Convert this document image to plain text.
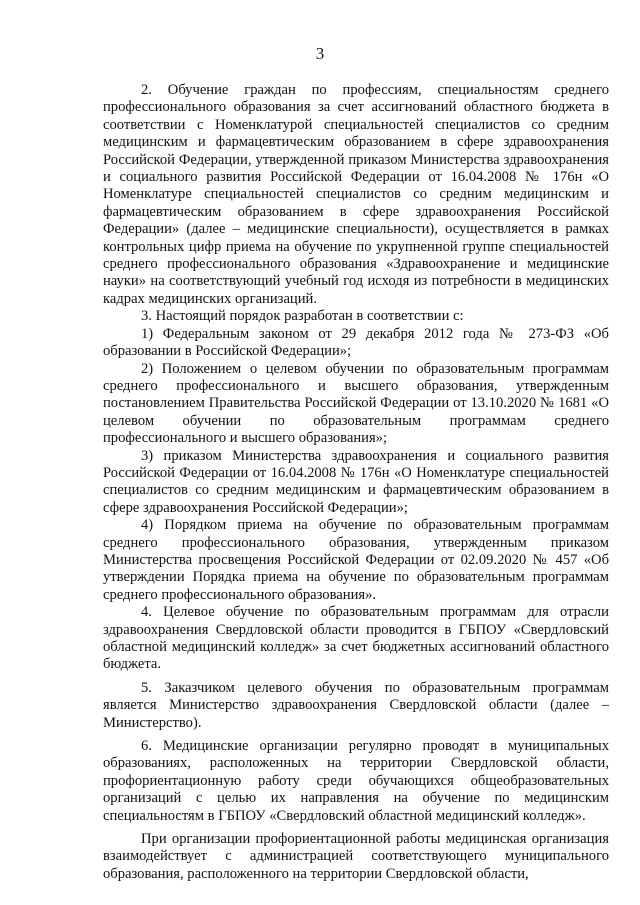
3

2. Обучение граждан по профессиям, специальностям среднего профессионального образования за счет ассигнований областного бюджета в соответствии с Номенклатурой специальностей специалистов со средним медицинским и фармацевтическим образованием в сфере здравоохранения Российской Федерации, утвержденной приказом Министерства здравоохранения и социального развития Российской Федерации от 16.04.2008 № 176н «О Номенклатуре специальностей специалистов со средним медицинским и фармацевтическим образованием в сфере здравоохранения Российской Федерации» (далее – медицинские специальности), осуществляется в рамках контрольных цифр приема на обучение по укрупненной группе специальностей среднего профессионального образования «Здравоохранение и медицинские науки» на соответствующий учебный год исходя из потребности в медицинских кадрах медицинских организаций.

3. Настоящий порядок разработан в соответствии с:

1) Федеральным законом от 29 декабря 2012 года № 273-ФЗ «Об образовании в Российской Федерации»;

2) Положением о целевом обучении по образовательным программам среднего профессионального и высшего образования, утвержденным постановлением Правительства Российской Федерации от 13.10.2020 № 1681 «О целевом обучении по образовательным программам среднего профессионального и высшего образования»;

3) приказом Министерства здравоохранения и социального развития Российской Федерации от 16.04.2008 № 176н «О Номенклатуре специальностей специалистов со средним медицинским и фармацевтическим образованием в сфере здравоохранения Российской Федерации»;

4) Порядком приема на обучение по образовательным программам среднего профессионального образования, утвержденным приказом Министерства просвещения Российской Федерации от 02.09.2020 № 457 «Об утверждении Порядка приема на обучение по образовательным программам среднего профессионального образования».

4. Целевое обучение по образовательным программам для отрасли здравоохранения Свердловской области проводится в ГБПОУ «Свердловский областной медицинский колледж» за счет бюджетных ассигнований областного бюджета.

5. Заказчиком целевого обучения по образовательным программам является Министерство здравоохранения Свердловской области (далее – Министерство).

6. Медицинские организации регулярно проводят в муниципальных образованиях, расположенных на территории Свердловской области, профориентационную работу среди обучающихся общеобразовательных организаций с целью их направления на обучение по медицинским специальностям в ГБПОУ «Свердловский областной медицинский колледж».

При организации профориентационной работы медицинская организация взаимодействует с администрацией соответствующего муниципального образования, расположенного на территории Свердловской области,
